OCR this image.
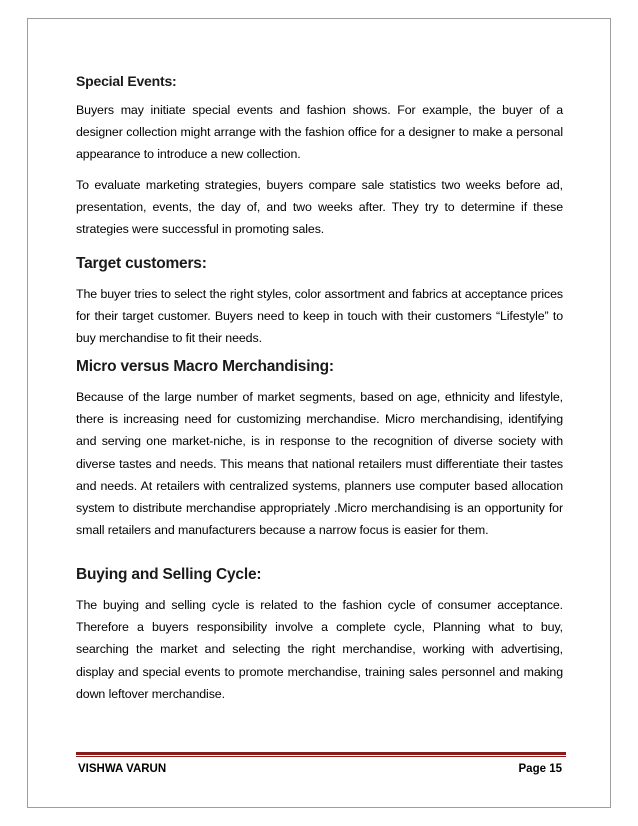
Special Events:

Buyers may initiate special events and fashion shows. For example, the buyer of a designer collection might arrange with the fashion office for a designer to make a personal appearance to introduce a new collection.

To evaluate marketing strategies, buyers compare sale statistics two weeks before ad, presentation, events, the day of, and two weeks after. They try to determine if these strategies were successful in promoting sales.

Target customers:

The buyer tries to select the right styles, color assortment and fabrics at acceptance prices for their target customer. Buyers need to keep in touch with their customers “Lifestyle” to buy merchandise to fit their needs.

Micro versus Macro Merchandising:

Because of the large number of market segments, based on age, ethnicity and lifestyle, there is increasing need for customizing merchandise. Micro merchandising, identifying and serving one market-niche, is in response to the recognition of diverse society with diverse tastes and needs. This means that national retailers must differentiate their tastes and needs. At retailers with centralized systems, planners use computer based allocation system to distribute merchandise appropriately .Micro merchandising is an opportunity for small retailers and manufacturers because a narrow focus is easier for them.

Buying and Selling Cycle:

The buying and selling cycle is related to the fashion cycle of consumer acceptance. Therefore a buyers responsibility involve a complete cycle, Planning what to buy, searching the market and selecting the right merchandise, working with advertising, display and special events to promote merchandise, training sales personnel and making down leftover merchandise.

VISHWA VARUN	Page 15
